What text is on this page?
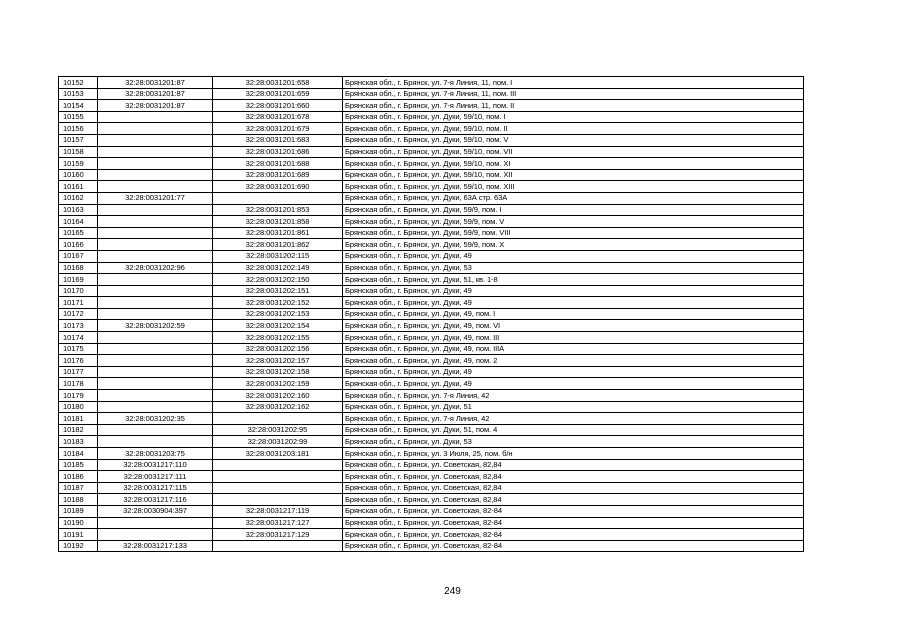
10152	32:28:0031201:87	32:28:0031201:658	Брянская обл., г. Брянск, ул. 7-я Линия, 11, пом. I
10153	32:28:0031201:87	32:28:0031201:659	Брянская обл., г. Брянск, ул. 7-я Линия, 11, пом. III
10154	32:28:0031201:87	32:28:0031201:660	Брянская обл., г. Брянск, ул. 7-я Линия, 11, пом. II
10155		32:28:0031201:678	Брянская обл., г. Брянск, ул. Дуки, 59/10, пом. I
10156		32:28:0031201:679	Брянская обл., г. Брянск, ул. Дуки, 59/10, пом. II
10157		32:28:0031201:683	Брянская обл., г. Брянск, ул. Дуки, 59/10, пом. V
10158		32:28:0031201:686	Брянская обл., г. Брянск, ул. Дуки, 59/10, пом. VII
10159		32:28:0031201:688	Брянская обл., г. Брянск, ул. Дуки, 59/10, пом. XI
10160		32:28:0031201:689	Брянская обл., г. Брянск, ул. Дуки, 59/10, пом. XII
10161		32:28:0031201:690	Брянская обл., г. Брянск, ул. Дуки, 59/10, пом. XIII
10162	32:28:0031201:77		Брянская обл., г. Брянск, ул. Дуки, 63А стр. 63А
10163		32:28:0031201:853	Брянская обл., г. Брянск, ул. Дуки, 59/9, пом. I
10164		32:28:0031201:858	Брянская обл., г. Брянск, ул. Дуки, 59/9, пом. V
10165		32:28:0031201:861	Брянская обл., г. Брянск, ул. Дуки, 59/9, пом. VIII
10166		32:28:0031201:862	Брянская обл., г. Брянск, ул. Дуки, 59/9, пом. X
10167		32:28:0031202:115	Брянская обл., г. Брянск, ул. Дуки, 49
10168	32:28:0031202:96	32:28:0031202:149	Брянская обл., г. Брянск, ул. Дуки, 53
10169		32:28:0031202:150	Брянская обл., г. Брянск, ул. Дуки, 51, кв. 1-8
10170		32:28:0031202:151	Брянская обл., г. Брянск, ул. Дуки, 49
10171		32:28:0031202:152	Брянская обл., г. Брянск, ул. Дуки, 49
10172		32:28:0031202:153	Брянская обл., г. Брянск, ул. Дуки, 49, пом. I
10173	32:28:0031202:59	32:28:0031202:154	Брянская обл., г. Брянск, ул. Дуки, 49, пом. VI
10174		32:28:0031202:155	Брянская обл., г. Брянск, ул. Дуки, 49, пом. III
10175		32:28:0031202:156	Брянская обл., г. Брянск, ул. Дуки, 49, пом. IIIA
10176		32:28:0031202:157	Брянская обл., г. Брянск, ул. Дуки, 49, пом. 2
10177		32:28:0031202:158	Брянская обл., г. Брянск, ул. Дуки, 49
10178		32:28:0031202:159	Брянская обл., г. Брянск, ул. Дуки, 49
10179		32:28:0031202:160	Брянская обл., г. Брянск, ул. 7-я Линия, 42
10180		32:28:0031202:162	Брянская обл., г. Брянск, ул. Дуки, 51
10181	32:28:0031202:35		Брянская обл., г. Брянск, ул. 7-я Линия, 42
10182		32:28:0031202:95	Брянская обл., г. Брянск, ул. Дуки, 51, пом. 4
10183		32:28:0031202:99	Брянская обл., г. Брянск, ул. Дуки, 53
10184	32:28:0031203:75	32:28:0031203:181	Брянская обл., г. Брянск, ул. 3 Июля, 25, пом. б/н
10185	32:28:0031217:110		Брянская обл., г. Брянск, ул. Советская, 82,84
10186	32:28:0031217:111		Брянская обл., г. Брянск, ул. Советская, 82,84
10187	32:28:0031217:115		Брянская обл., г. Брянск, ул. Советская, 82,84
10188	32:28:0031217:116		Брянская обл., г. Брянск, ул. Советская, 82,84
10189	32:28:0030904:397	32:28:0031217:119	Брянская обл., г. Брянск, ул. Советская, 82-84
10190		32:28:0031217:127	Брянская обл., г. Брянск, ул. Советская, 82-84
10191		32:28:0031217:129	Брянская обл., г. Брянск, ул. Советская, 82-84
10192	32:28:0031217:133		Брянская обл., г. Брянск, ул. Советская, 82-84
249
